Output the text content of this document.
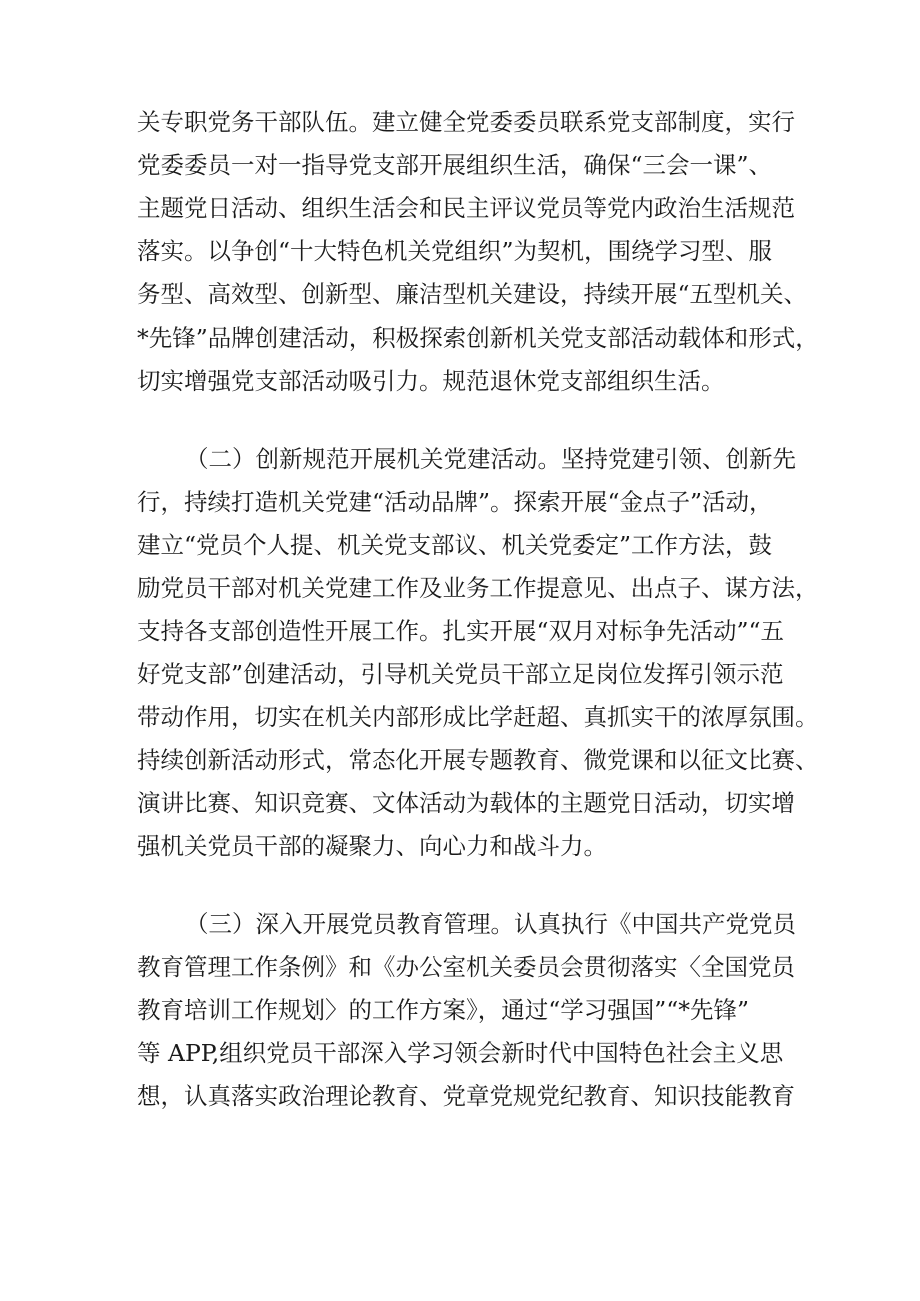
关专职党务干部队伍。建立健全党委委员联系党支部制度，实行
党委委员一对一指导党支部开展组织生活，确保“三会一课”、
主题党日活动、组织生活会和民主评议党员等党内政治生活规范
落实。以争创“十大特色机关党组织”为契机，围绕学习型、服
务型、高效型、创新型、廉洁型机关建设，持续开展“五型机关、
*先锋”品牌创建活动，积极探索创新机关党支部活动载体和形式，
切实增强党支部活动吸引力。规范退休党支部组织生活。
（二）创新规范开展机关党建活动。坚持党建引领、创新先
行，持续打造机关党建“活动品牌”。探索开展“金点子”活动，
建立“党员个人提、机关党支部议、机关党委定”工作方法，鼓
励党员干部对机关党建工作及业务工作提意见、出点子、谋方法，
支持各支部创造性开展工作。扎实开展“双月对标争先活动”“五
好党支部”创建活动，引导机关党员干部立足岗位发挥引领示范
带动作用，切实在机关内部形成比学赶超、真抓实干的浓厚氛围。
持续创新活动形式，常态化开展专题教育、微党课和以征文比赛、
演讲比赛、知识竞赛、文体活动为载体的主题党日活动，切实增
强机关党员干部的凝聚力、向心力和战斗力。
（三）深入开展党员教育管理。认真执行《中国共产党党员
教育管理工作条例》和《办公室机关委员会贯彻落实〈全国党员
教育培训工作规划〉的工作方案》，通过“学习强国”“*先锋”
等 APP,组织党员干部深入学习领会新时代中国特色社会主义思
想，认真落实政治理论教育、党章党规党纪教育、知识技能教育
